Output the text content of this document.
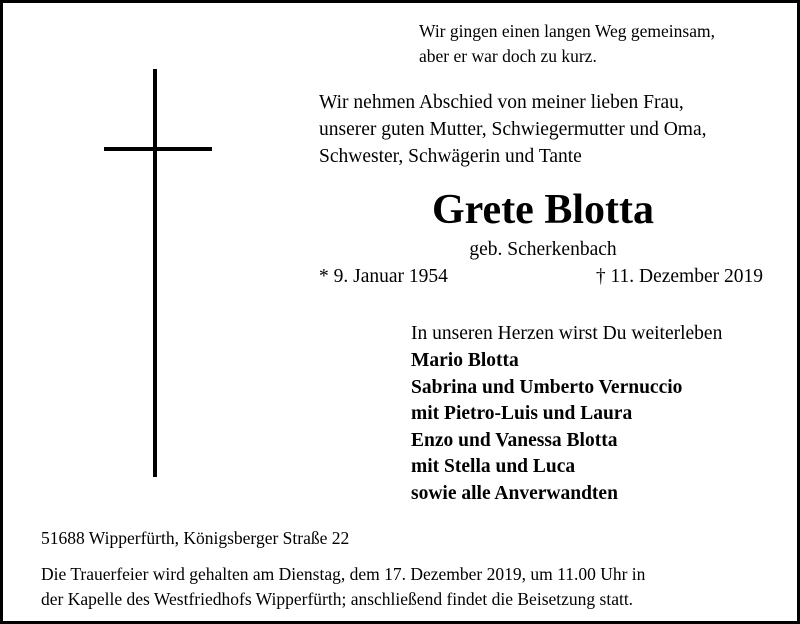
Wir gingen einen langen Weg gemeinsam,
aber er war doch zu kurz.
Wir nehmen Abschied von meiner lieben Frau,
unserer guten Mutter, Schwiegermutter und Oma,
Schwester, Schwägerin und Tante
Grete Blotta
geb. Scherkenbach
* 9. Januar 1954	† 11. Dezember 2019
In unseren Herzen wirst Du weiterleben
Mario Blotta
Sabrina und Umberto Vernuccio
mit Pietro-Luis und Laura
Enzo und Vanessa Blotta
mit Stella und Luca
sowie alle Anverwandten
51688 Wipperfürth, Königsberger Straße 22
Die Trauerfeier wird gehalten am Dienstag, dem 17. Dezember 2019, um 11.00 Uhr in
der Kapelle des Westfriedhofs Wipperfürth; anschließend findet die Beisetzung statt.
